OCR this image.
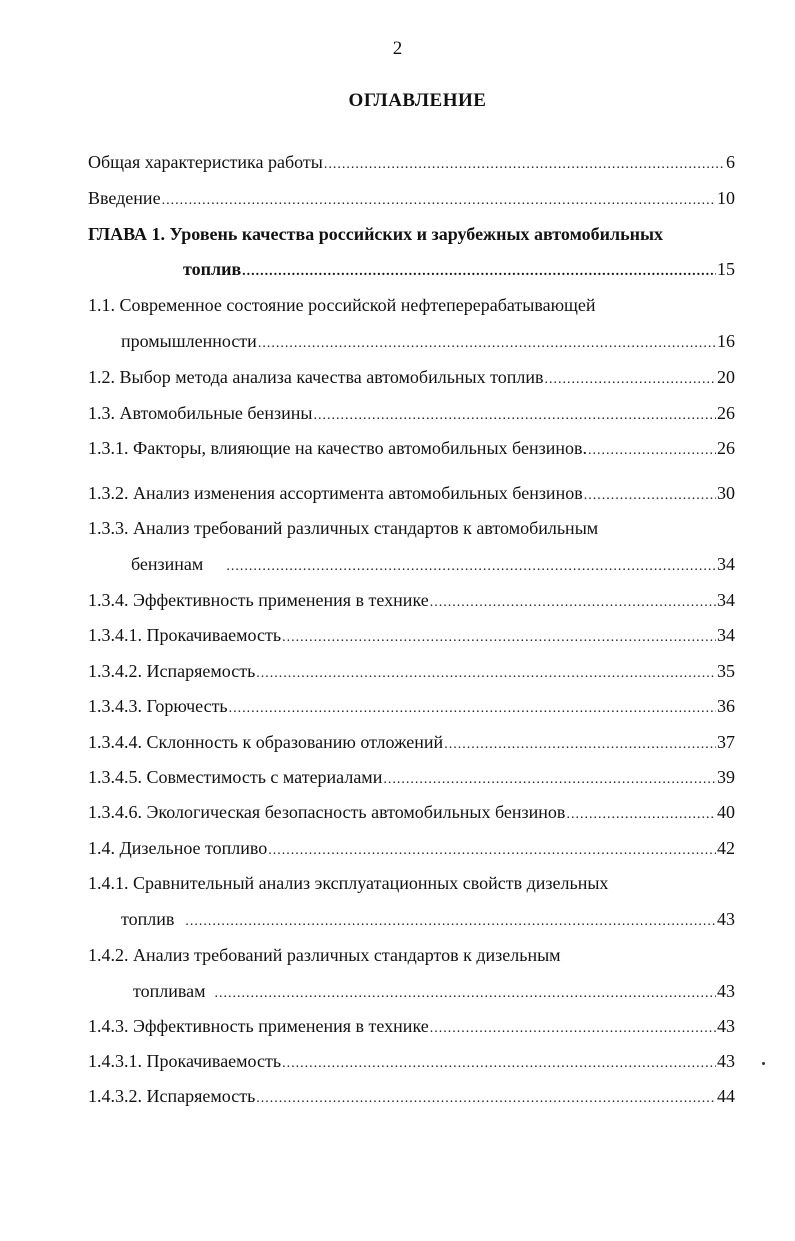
2
ОГЛАВЛЕНИЕ
Общая характеристика работы .....	6
Введение .....	10
ГЛАВА 1. Уровень качества российских и зарубежных автомобильных
топлив .....	15
1.1. Современное состояние российской нефтеперерабатывающей
промышленности .....	16
1.2. Выбор метода анализа качества автомобильных топлив .....	20
1.3. Автомобильные бензины .....	26
1.3.1. Факторы, влияющие на качество автомобильных бензинов. .....	26
1.3.2. Анализ изменения ассортимента автомобильных бензинов .....	30
1.3.3. Анализ требований различных стандартов к автомобильным
бензинам .....	34
1.3.4. Эффективность применения в технике .....	34
1.3.4.1. Прокачиваемость .....	34
1.3.4.2. Испаряемость .....	35
1.3.4.3. Горючесть .....	36
1.3.4.4. Склонность к образованию отложений .....	37
1.3.4.5. Совместимость с материалами .....	39
1.3.4.6. Экологическая безопасность автомобильных бензинов .....	40
1.4. Дизельное топливо .....	42
1.4.1. Сравнительный анализ эксплуатационных свойств дизельных
топлив .....	43
1.4.2. Анализ требований различных стандартов к дизельным
топливам .....	43
1.4.3. Эффективность применения в технике .....	43
1.4.3.1. Прокачиваемость .....	43
1.4.3.2. Испаряемость .....	44
